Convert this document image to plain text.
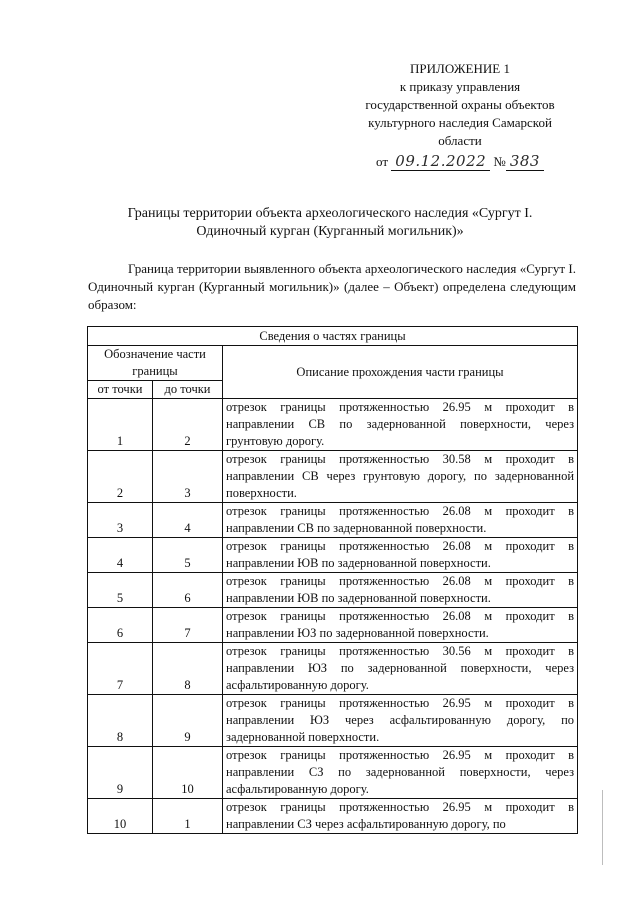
ПРИЛОЖЕНИЕ 1
к приказу управления
государственной охраны объектов
культурного наследия Самарской
области
от 09.12.2022 № 383
Границы территории объекта археологического наследия «Сургут I.
Одиночный курган (Курганный могильник)»
Граница территории выявленного объекта археологического наследия «Сургут I. Одиночный курган (Курганный могильник)» (далее – Объект) определена следующим образом:
Сведения о частях границы		
Обозначение части границы		Описание прохождения части границы
от точки	до точки	
1	2	отрезок границы протяженностью 26.95 м проходит в направлении СВ по задернованной поверхности, через грунтовую дорогу.
2	3	отрезок границы протяженностью 30.58 м проходит в направлении СВ через грунтовую дорогу, по задернованной поверхности.
3	4	отрезок границы протяженностью 26.08 м проходит в направлении СВ по задернованной поверхности.
4	5	отрезок границы протяженностью 26.08 м проходит в направлении ЮВ по задернованной поверхности.
5	6	отрезок границы протяженностью 26.08 м проходит в направлении ЮВ по задернованной поверхности.
6	7	отрезок границы протяженностью 26.08 м проходит в направлении ЮЗ по задернованной поверхности.
7	8	отрезок границы протяженностью 30.56 м проходит в направлении ЮЗ по задернованной поверхности, через асфальтированную дорогу.
8	9	отрезок границы протяженностью 26.95 м проходит в направлении ЮЗ через асфальтированную дорогу, по задернованной поверхности.
9	10	отрезок границы протяженностью 26.95 м проходит в направлении СЗ по задернованной поверхности, через асфальтированную дорогу.
10	1	отрезок границы протяженностью 26.95 м проходит в направлении СЗ через асфальтированную дорогу, по
